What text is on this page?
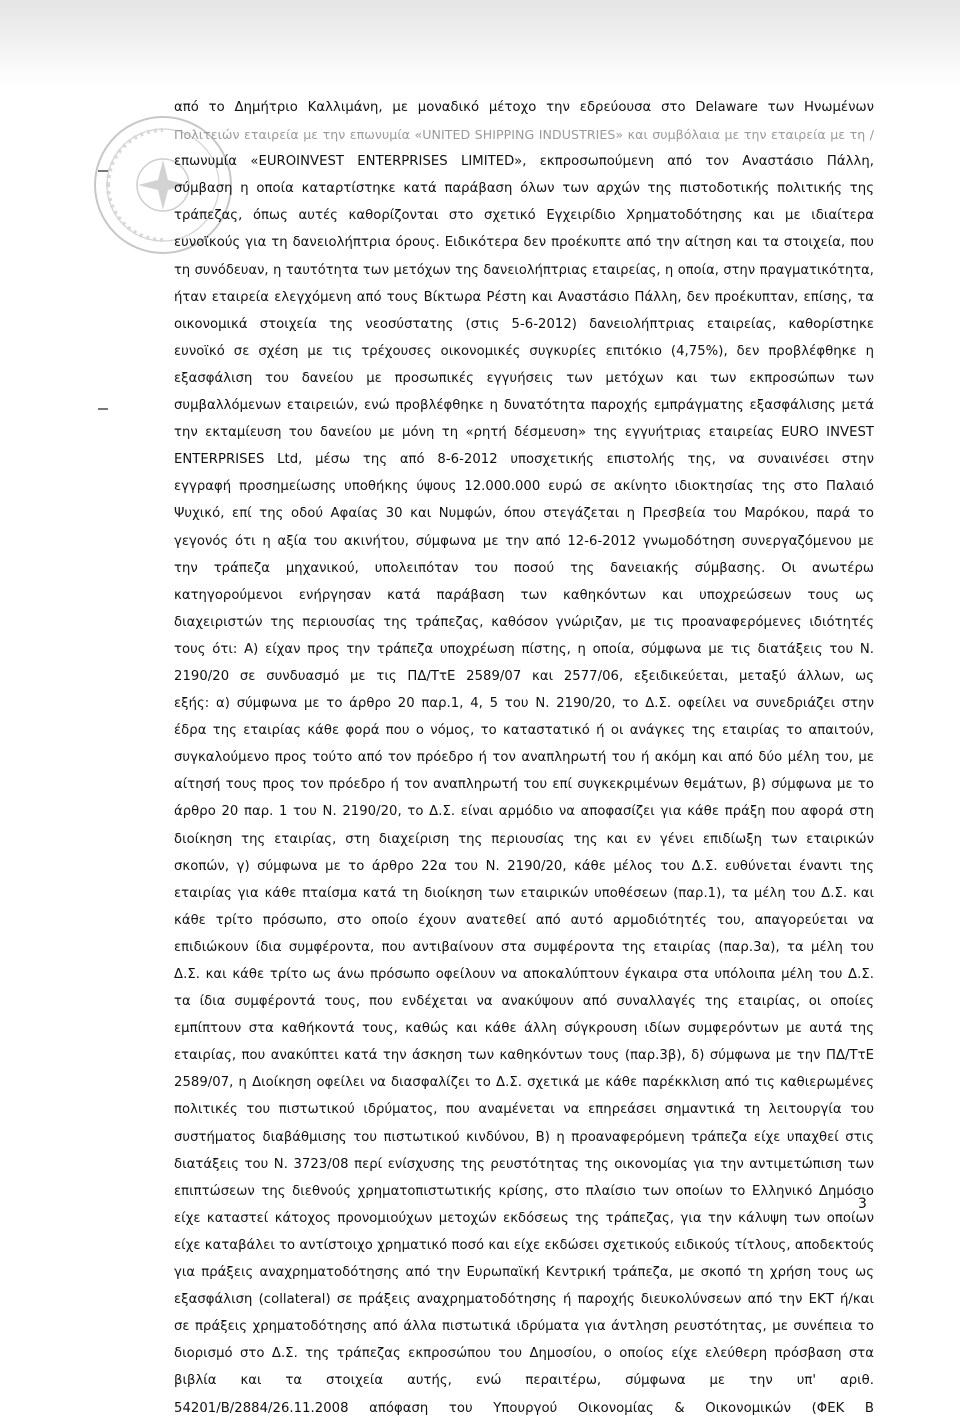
από το Δημήτριο Καλλιμάνη, με μοναδικό μέτοχο την εδρεύουσα στο Delaware των Ηνωμένων
Πολιτειών εταιρεία με την επωνυμία «UNITED SHIPPING INDUSTRIES» και συμβόλαια με την εταιρεία με τη /
επωνυμία «EUROINVEST ENTERPRISES LIMITED», εκπροσωπούμενη από τον Αναστάσιο Πάλλη,
σύμβαση η οποία καταρτίστηκε κατά παράβαση όλων των αρχών της πιστοδοτικής πολιτικής της
τράπεζας, όπως αυτές καθορίζονται στο σχετικό Εγχειρίδιο Χρηματοδότησης και με ιδιαίτερα
ευνοϊκούς για τη δανειολήπτρια όρους. Ειδικότερα δεν προέκυπτε από την αίτηση και τα στοιχεία, που
τη συνόδευαν, η ταυτότητα των μετόχων της δανειολήπτριας εταιρείας, η οποία, στην πραγματικότητα,
ήταν εταιρεία ελεγχόμενη από τους Βίκτωρα Ρέστη και Αναστάσιο Πάλλη, δεν προέκυπταν, επίσης, τα
οικονομικά στοιχεία της νεοσύστατης (στις 5-6-2012) δανειολήπτριας εταιρείας, καθορίστηκε
ευνοϊκό σε σχέση με τις τρέχουσες οικονομικές συγκυρίες επιτόκιο (4,75%), δεν προβλέφθηκε η
εξασφάλιση του δανείου με προσωπικές εγγυήσεις των μετόχων και των εκπροσώπων των
συμβαλλόμενων εταιρειών, ενώ προβλέφθηκε η δυνατότητα παροχής εμπράγματης εξασφάλισης μετά
την εκταμίευση του δανείου με μόνη τη «ρητή δέσμευση» της εγγυήτριας εταιρείας EURO INVEST
ENTERPRISES Ltd, μέσω της από 8-6-2012 υποσχετικής επιστολής της, να συναινέσει στην
εγγραφή προσημείωσης υποθήκης ύψους 12.000.000 ευρώ σε ακίνητο ιδιοκτησίας της στο Παλαιό
Ψυχικό, επί της οδού Αφαίας 30 και Νυμφών, όπου στεγάζεται η Πρεσβεία του Μαρόκου, παρά το
γεγονός ότι η αξία του ακινήτου, σύμφωνα με την από 12-6-2012 γνωμοδότηση συνεργαζόμενου με
την τράπεζα μηχανικού, υπολειπόταν του ποσού της δανειακής σύμβασης. Οι ανωτέρω
κατηγορούμενοι ενήργησαν κατά παράβαση των καθηκόντων και υποχρεώσεων τους ως
διαχειριστών της περιουσίας της τράπεζας, καθόσον γνώριζαν, με τις προαναφερόμενες ιδιότητές
τους ότι: Α) είχαν προς την τράπεζα υποχρέωση πίστης, η οποία, σύμφωνα με τις διατάξεις του Ν.
2190/20 σε συνδυασμό με τις ΠΔ/ΤτΕ 2589/07 και 2577/06, εξειδικεύεται, μεταξύ άλλων, ως
εξής: α) σύμφωνα με το άρθρο 20 παρ.1, 4, 5 του Ν. 2190/20, το Δ.Σ. οφείλει να συνεδριάζει στην
έδρα της εταιρίας κάθε φορά που ο νόμος, το καταστατικό ή οι ανάγκες της εταιρίας το απαιτούν,
συγκαλούμενο προς τούτο από τον πρόεδρο ή τον αναπληρωτή του ή ακόμη και από δύο μέλη του, με
αίτησή τους προς τον πρόεδρο ή τον αναπληρωτή του επί συγκεκριμένων θεμάτων, β) σύμφωνα με το
άρθρο 20 παρ. 1 του Ν. 2190/20, το Δ.Σ. είναι αρμόδιο να αποφασίζει για κάθε πράξη που αφορά στη
διοίκηση της εταιρίας, στη διαχείριση της περιουσίας της και εν γένει επιδίωξη των εταιρικών
σκοπών, γ) σύμφωνα με το άρθρο 22α του Ν. 2190/20, κάθε μέλος του Δ.Σ. ευθύνεται έναντι της
εταιρίας για κάθε πταίσμα κατά τη διοίκηση των εταιρικών υποθέσεων (παρ.1), τα μέλη του Δ.Σ. και
κάθε τρίτο πρόσωπο, στο οποίο έχουν ανατεθεί από αυτό αρμοδιότητές του, απαγορεύεται να
επιδιώκουν ίδια συμφέροντα, που αντιβαίνουν στα συμφέροντα της εταιρίας (παρ.3α), τα μέλη του
Δ.Σ. και κάθε τρίτο ως άνω πρόσωπο οφείλουν να αποκαλύπτουν έγκαιρα στα υπόλοιπα μέλη του Δ.Σ.
τα ίδια συμφέροντά τους, που ενδέχεται να ανακύψουν από συναλλαγές της εταιρίας, οι οποίες
εμπίπτουν στα καθήκοντά τους, καθώς και κάθε άλλη σύγκρουση ιδίων συμφερόντων με αυτά της
εταιρίας, που ανακύπτει κατά την άσκηση των καθηκόντων τους (παρ.3β), δ) σύμφωνα με την ΠΔ/ΤτΕ
2589/07, η Διοίκηση οφείλει να διασφαλίζει το Δ.Σ. σχετικά με κάθε παρέκκλιση από τις καθιερωμένες
πολιτικές του πιστωτικού ιδρύματος, που αναμένεται να επηρεάσει σημαντικά τη λειτουργία του
συστήματος διαβάθμισης του πιστωτικού κινδύνου, Β) η προαναφερόμενη τράπεζα είχε υπαχθεί στις
διατάξεις του Ν. 3723/08 περί ενίσχυσης της ρευστότητας της οικονομίας για την αντιμετώπιση των
επιπτώσεων της διεθνούς χρηματοπιστωτικής κρίσης, στο πλαίσιο των οποίων το Ελληνικό Δημόσιο
είχε καταστεί κάτοχος προνομιούχων μετοχών εκδόσεως της τράπεζας, για την κάλυψη των οποίων
είχε καταβάλει το αντίστοιχο χρηματικό ποσό και είχε εκδώσει σχετικούς ειδικούς τίτλους, αποδεκτούς
για πράξεις αναχρηματοδότησης από την Ευρωπαϊκή Κεντρική τράπεζα, με σκοπό τη χρήση τους ως
εξασφάλιση (collateral) σε πράξεις αναχρηματοδότησης ή παροχής διευκολύνσεων από την ΕΚΤ ή/και
σε πράξεις χρηματοδότησης από άλλα πιστωτικά ιδρύματα για άντληση ρευστότητας, με συνέπεια το
διορισμό στο Δ.Σ. της τράπεζας εκπροσώπου του Δημοσίου, ο οποίος είχε ελεύθερη πρόσβαση στα
βιβλία και τα στοιχεία αυτής, ενώ περαιτέρω, σύμφωνα με την υπ' αριθ.
54201/Β/2884/26.11.2008 απόφαση του Υπουργού Οικονομίας & Οικονομικών (ΦΕΚ Β
3
